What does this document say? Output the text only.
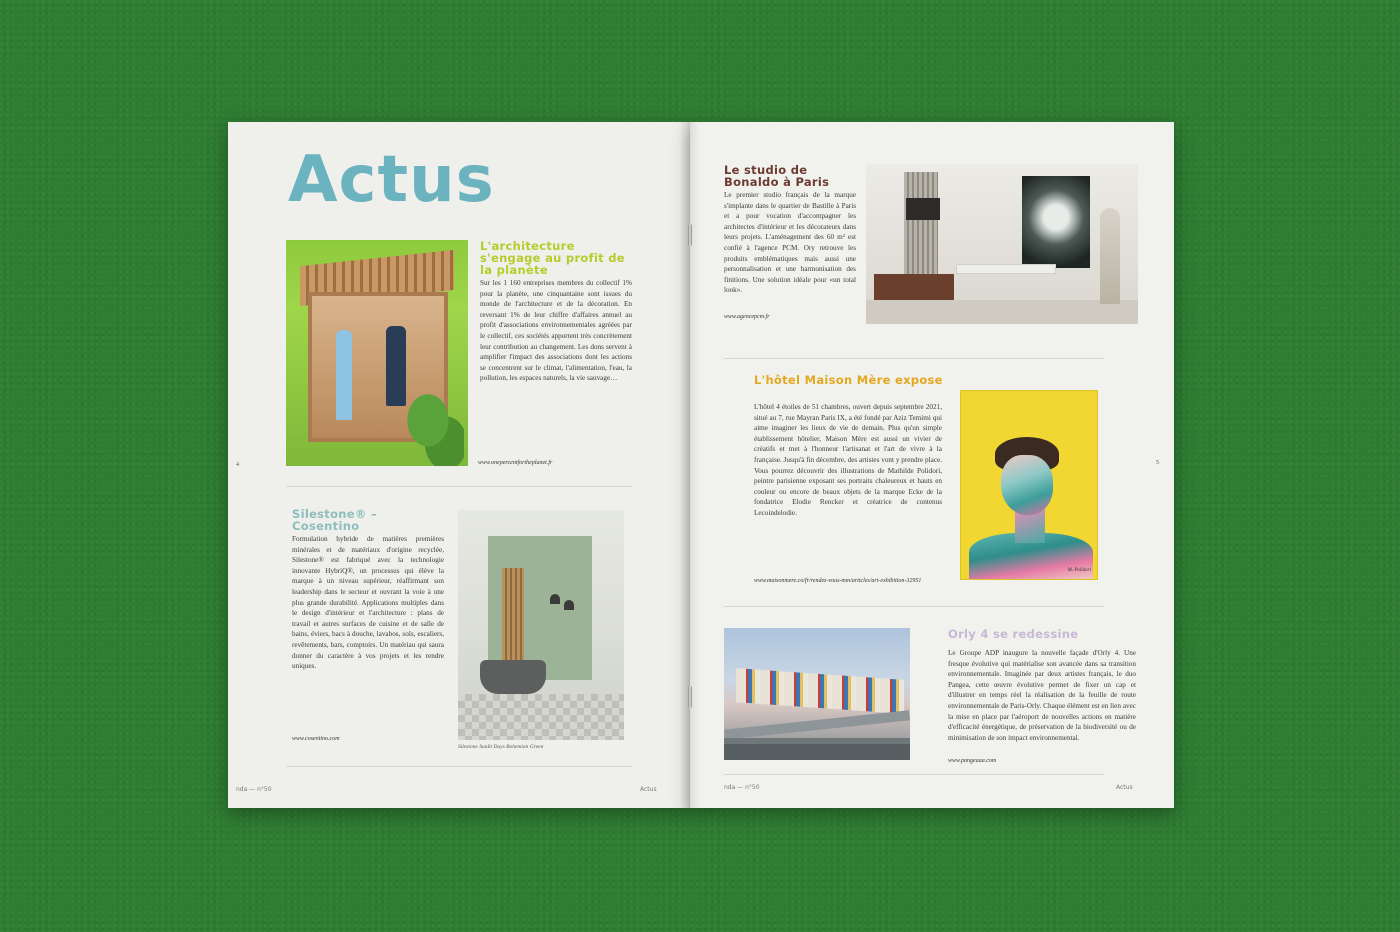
Actus
L'architecture s'engage au profit de la planète
Sur les 1 160 entreprises membres du collectif 1% pour la planète, une cinquantaine sont issues du monde de l'architecture et de la décoration. En reversant 1% de leur chiffre d'affaires annuel au profit d'associations environnementales agréées par le collectif, ces sociétés apportent très concrètement leur contribution au changement. Les dons servent à amplifier l'impact des associations dont les actions se concentrent sur le climat, l'alimentation, l'eau, la pollution, les espaces naturels, la vie sauvage…
www.onepercentfortheplanet.fr
4
Silestone® – Cosentino
Formulation hybride de matières premières minérales et de matériaux d'origine recyclée, Silestone® est fabriqué avec la technologie innovante HybriQ®, un processus qui élève la marque à un niveau supérieur, réaffirmant son leadership dans le secteur et ouvrant la voie à une plus grande durabilité. Applications multiples dans le design d'intérieur et l'architecture : plans de travail et autres surfaces de cuisine et de salle de bains, éviers, bacs à douche, lavabos, sols, escaliers, revêtements, bars, comptoirs. Un matériau qui saura donner du caractère à vos projets et les rendre uniques.
www.cosentino.com
Silestone Sunlit Days Bohemian Green
nda — n°50	Actus
Le studio de Bonaldo à Paris
Le premier studio français de la marque s'implante dans le quartier de Bastille à Paris et a pour vocation d'accompagner les architectes d'intérieur et les décorateurs dans leurs projets. L'aménagement des 60 m² est confié à l'agence PCM. Ory retrouve les produits emblématiques mais aussi une personnalisation et une harmonisation des finitions. Une solution idéale pour «un total look».
www.agencepcm.fr
L'hôtel Maison Mère expose
L'hôtel 4 étoiles de 51 chambres, ouvert depuis septembre 2021, situé au 7, rue Mayran Paris IX, a été fondé par Aziz Temimi qui aime imaginer les lieux de vie de demain. Plus qu'un simple établissement hôtelier, Maison Mère est aussi un vivier de créatifs et met à l'honneur l'artisanat et l'art de vivre à la française. Jusqu'à fin décembre, des artistes vont y prendre place. Vous pourrez découvrir des illustrations de Mathilde Polidori, peintre parisienne exposant ses portraits chaleureux et hauts en couleur ou encore de beaux objets de la marque Ecke de la fondatrice Elodie Rencker et créatrice de contenus Lecoindelodie.
www.maisonmere.co/fr/rendez-vous-mm/articles/art-exhibition-32951
M. Polidori
5
Orly 4 se redessine
Le Groupe ADP inaugure la nouvelle façade d'Orly 4. Une fresque évolutive qui matérialise son avancée dans sa transition environnementale. Imaginée par deux artistes français, le duo Pangea, cette œuvre évolutive permet de fixer un cap et d'illustrer en temps réel la réalisation de la feuille de route environnementale de Paris-Orly. Chaque élément est en lien avec la mise en place par l'aéroport de nouvelles actions en matière d'efficacité énergétique, de préservation de la biodiversité ou de minimisation de son impact environnemental.
www.pangeaaa.com
nda — n°50	Actus
